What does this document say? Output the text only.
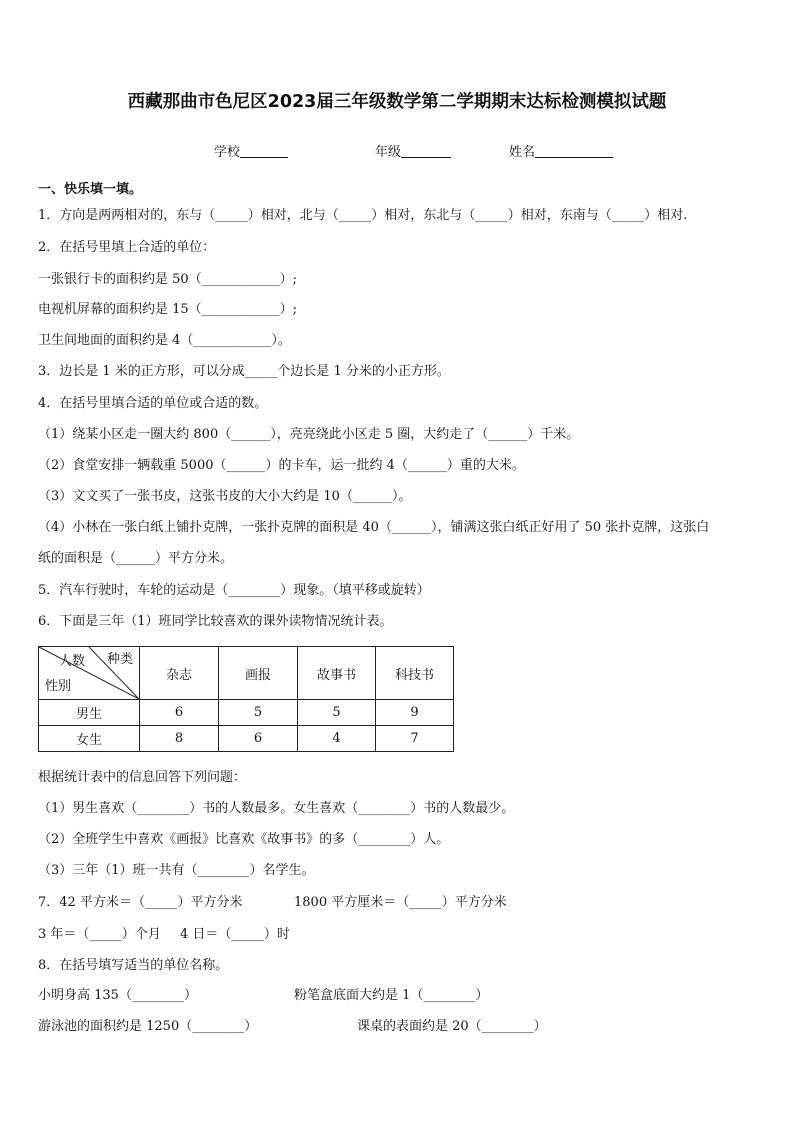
西藏那曲市色尼区2023届三年级数学第二学期期末达标检测模拟试题
学校	年级	姓名
一、快乐填一填。
1．方向是两两相对的，东与（_____）相对，北与（_____）相对，东北与（_____）相对，东南与（_____）相对.
2．在括号里填上合适的单位：
一张银行卡的面积约是 50（____________）;
电视机屏幕的面积约是 15（____________）;
卫生间地面的面积约是 4（____________）。
3．边长是 1 米的正方形，可以分成_____个边长是 1 分米的小正方形。
4．在括号里填合适的单位或合适的数。
（1）绕某小区走一圈大约 800（______），亮亮绕此小区走 5 圈，大约走了（______）千米。
（2）食堂安排一辆载重 5000（______）的卡车，运一批约 4（______）重的大米。
（3）文文买了一张书皮，这张书皮的大小大约是 10（______）。
（4）小林在一张白纸上铺扑克牌，一张扑克牌的面积是 40（______），铺满这张白纸正好用了 50 张扑克牌，这张白
纸的面积是（______）平方分米。
5．汽车行驶时，车轮的运动是（________）现象。（填平移或旋转）
6．下面是三年（1）班同学比较喜欢的课外读物情况统计表。
人数 种类
性别	杂志	画报	故事书	科技书
男生	6	5	5	9
女生	8	6	4	7
根据统计表中的信息回答下列问题：
（1）男生喜欢（________）书的人数最多。女生喜欢（________）书的人数最少。
（2）全班学生中喜欢《画报》比喜欢《故事书》的多（________）人。
（3）三年（1）班一共有（________）名学生。
7．42 平方米＝（_____）平方分米	1800 平方厘米＝（_____）平方分米
3 年＝（_____）个月 4 日＝（_____）时
8．在括号填写适当的单位名称。
小明身高 135（________）	粉笔盒底面大约是 1（________）
游泳池的面积约是 1250（________）	课桌的表面约是 20（________）
